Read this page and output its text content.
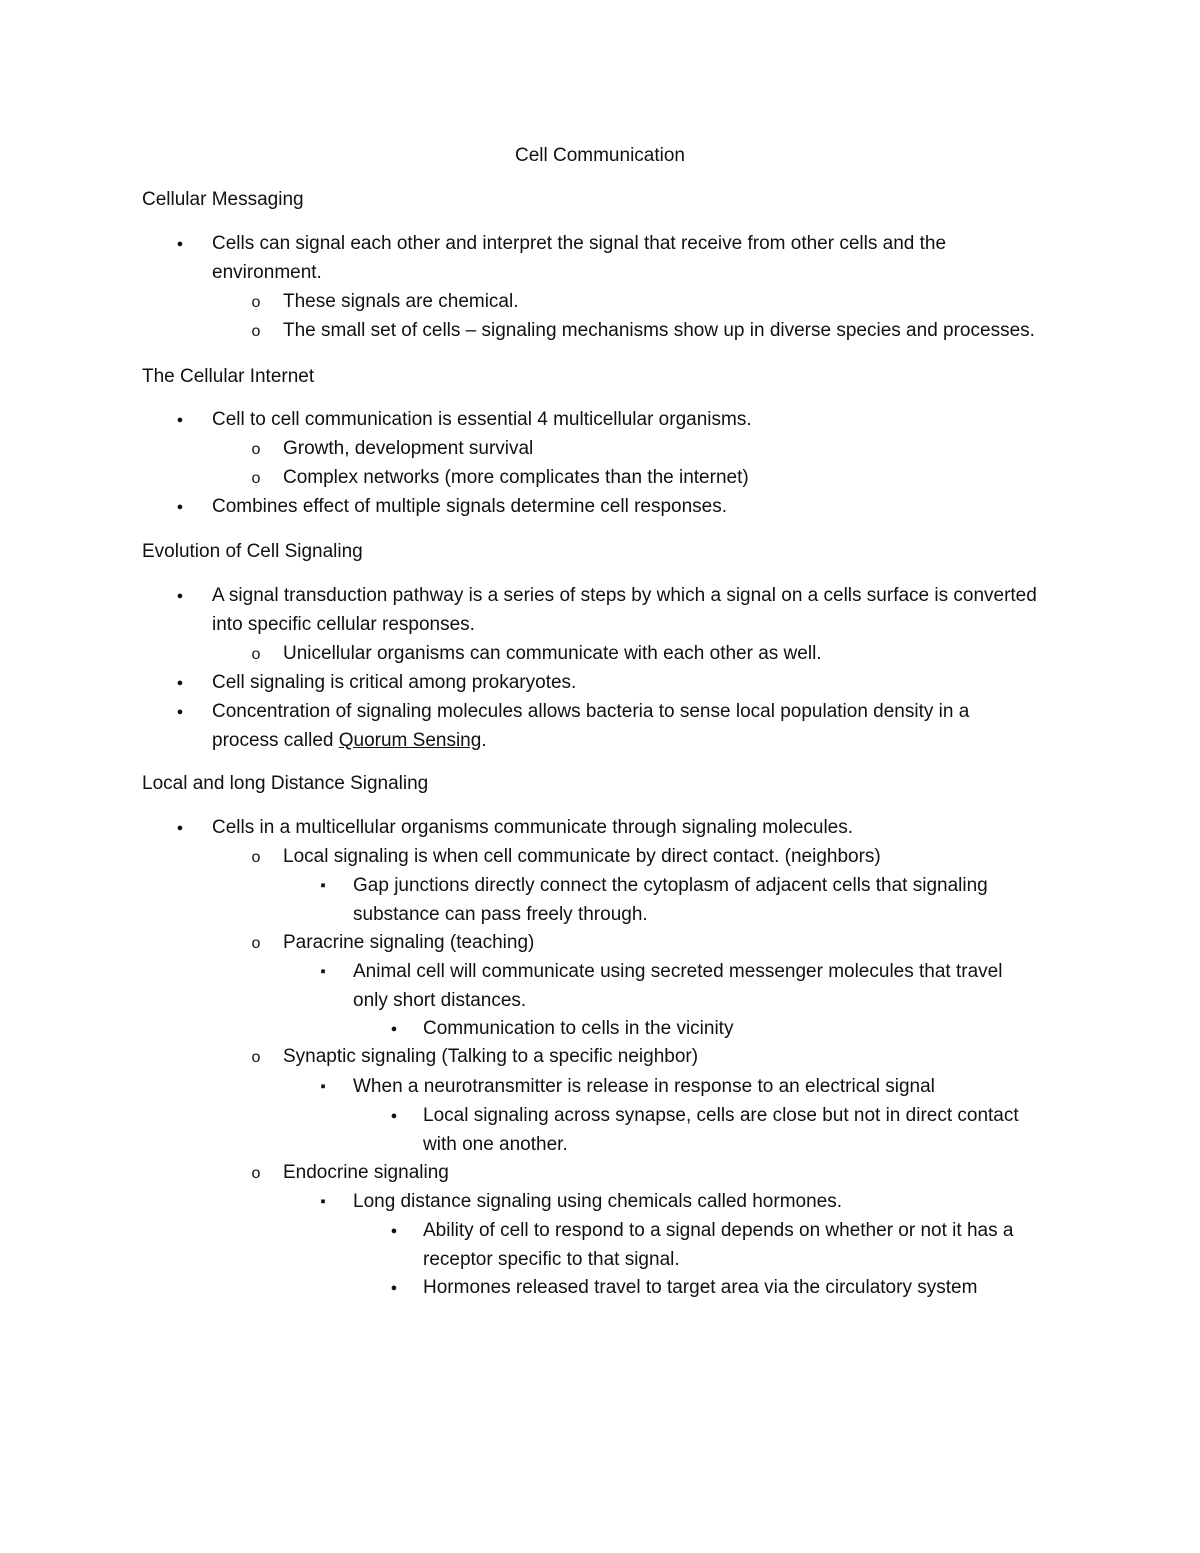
Cell Communication

Cellular Messaging

●

Cells can signal each other and interpret the signal that receive from other cells and the

environment.

o

These signals are chemical.

o

The small set of cells – signaling mechanisms show up in diverse species and processes.

The Cellular Internet

●

Cell to cell communication is essential 4 multicellular organisms.

o

Growth, development survival

o

Complex networks (more complicates than the internet)

●

Combines effect of multiple signals determine cell responses.

Evolution of Cell Signaling

●

A signal transduction pathway is a series of steps by which a signal on a cells surface is converted

into specific cellular responses.

o

Unicellular organisms can communicate with each other as well.

●

Cell signaling is critical among prokaryotes.

●

Concentration of signaling molecules allows bacteria to sense local population density in a

process called Quorum Sensing.

Local and long Distance Signaling

●

Cells in a multicellular organisms communicate through signaling molecules.

o

Local signaling is when cell communicate by direct contact. (neighbors)

▪

Gap junctions directly connect the cytoplasm of adjacent cells that signaling

substance can pass freely through.

o

Paracrine signaling (teaching)

▪

Animal cell will communicate using secreted messenger molecules that travel

only short distances.

●

Communication to cells in the vicinity

o

Synaptic signaling (Talking to a specific neighbor)

▪

When a neurotransmitter is release in response to an electrical signal

●

Local signaling across synapse, cells are close but not in direct contact

with one another.

o

Endocrine signaling

▪

Long distance signaling using chemicals called hormones.

●

Ability of cell to respond to a signal depends on whether or not it has a

receptor specific to that signal.

●

Hormones released travel to target area via the circulatory system
